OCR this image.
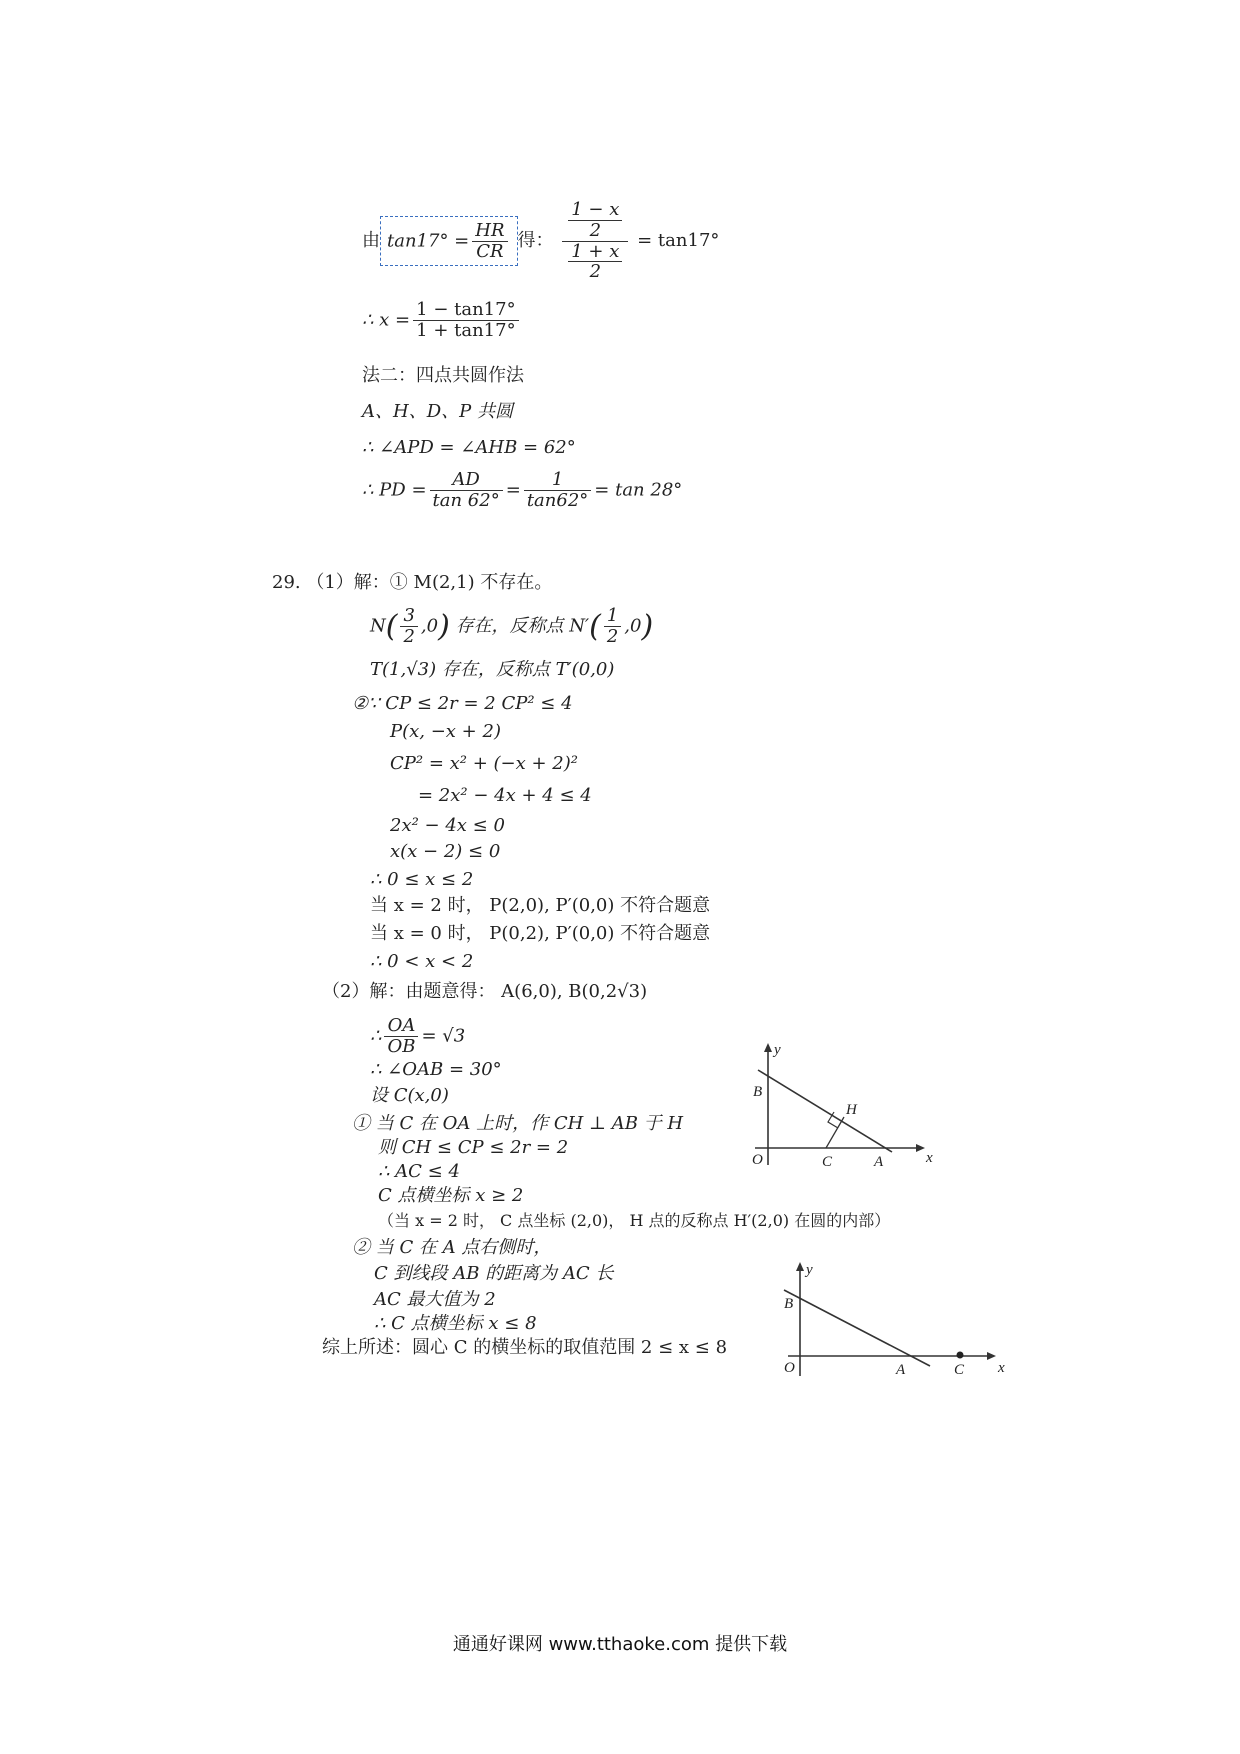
由 $\tan 17^\circ = \frac{HR}{CR}$ 得： $\frac{\frac{1 - x}{2}}{\frac{1 + x}{2}} = \tan 17^\circ$
∴ $x = \frac{1 - \tan 17^\circ}{1 + \tan 17^\circ}$
法二：四点共圆作法
A、H、D、P 共圆
∴ ∠APD = ∠AHB = 62°
∴ PD = $\frac{AD}{\tan 62^\circ} = \frac{1}{\tan 62^\circ} = \tan 28^\circ$
29. （1）解：① M(2,1) 不存在。
$N( \frac{3}{2} ,0)$ 存在，反称点 $N'( \frac{1}{2} ,0)$
T(1,√3) 存在，反称点 T′(0,0)
②∵ CP ≤ 2r = 2 CP² ≤ 4
P(x, −x + 2)
CP² = x² + (−x + 2)²
= 2x² − 4x + 4 ≤ 4
2x² − 4x ≤ 0
x(x − 2) ≤ 0
∴ 0 ≤ x ≤ 2
当 x = 2 时， P(2,0), P′(0,0) 不符合题意
当 x = 0 时， P(0,2), P′(0,0) 不符合题意
∴ 0 < x < 2
（2）解：由题意得： A(6,0), B(0,2√3)
∴ $\frac{OA}{OB} = √3$
∴ ∠OAB = 30°
设 C(x,0)
① 当 C 在 OA 上时，作 CH ⊥ AB 于 H
则 CH ≤ CP ≤ 2r = 2
∴ AC ≤ 4
C 点横坐标 x ≥ 2
（当 x = 2 时， C 点坐标 (2,0)， H 点的反称点 H′(2,0) 在圆的内部）
② 当 C 在 A 点右侧时，
C 到线段 AB 的距离为 AC 长
AC 最大值为 2
∴ C 点横坐标 x ≤ 8
综上所述：圆心 C 的横坐标的取值范围 2 ≤ x ≤ 8
y
x
O
B
H
C	A
y
x
O
B
A	C
通通好课网 www.tthaoke.com 提供下载
